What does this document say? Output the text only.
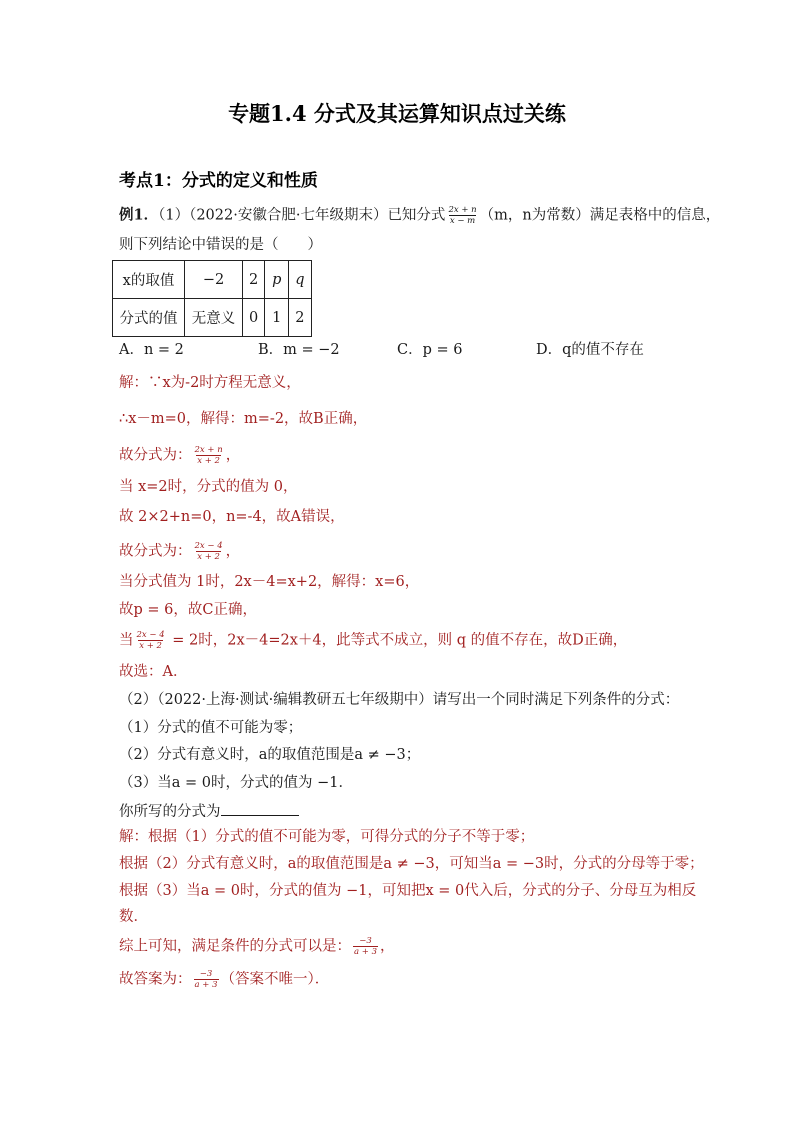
专题1.4 分式及其运算知识点过关练
考点1：分式的定义和性质
例1．（1）（2022·安徽合肥·七年级期末）已知分式 $\frac{2x + n}{x - m} (m$，n为常数）满足表格中的信息，
则下列结论中错误的是（　　）
x的取值	−2	2	p	q
分式的值	无意义	0	1	2
A．n = 2	B．m = −2	C．p = 6	D．q的值不存在
解：∵x为-2时方程无意义，
∴x－m=0，解得：m=-2，故B正确，
故分式为： $\frac{2x + n}{x + 2}$ ，
当 x=2时，分式的值为 0，
故 2×2+n=0，n=-4，故A错误，
故分式为： $\frac{2x - 4}{x + 2}$ ，
当分式值为 1时，2x－4=x+2，解得：x=6，
故p = 6，故C正确，
当 $\frac{2x - 4}{x + 2} = 2$时，2x－4=2x＋4，此等式不成立，则 q 的值不存在，故D正确，
故选：A．
（2）（2022·上海·测试·编辑教研五七年级期中）请写出一个同时满足下列条件的分式：
（1）分式的值不可能为零；
（2）分式有意义时，a的取值范围是a ≠ −3；
（3）当a = 0时，分式的值为 −1．
你所写的分式为
解：根据（1）分式的值不可能为零，可得分式的分子不等于零；
根据（2）分式有意义时，a的取值范围是a ≠ −3，可知当a = −3时，分式的分母等于零；
根据（3）当a = 0时，分式的值为 −1，可知把x = 0代入后，分式的分子、分母互为相反
数．
综上可知，满足条件的分式可以是： $\frac{-3}{a + 3}$ ，
故答案为： $\frac{-3}{a + 3}$ （答案不唯一）．
